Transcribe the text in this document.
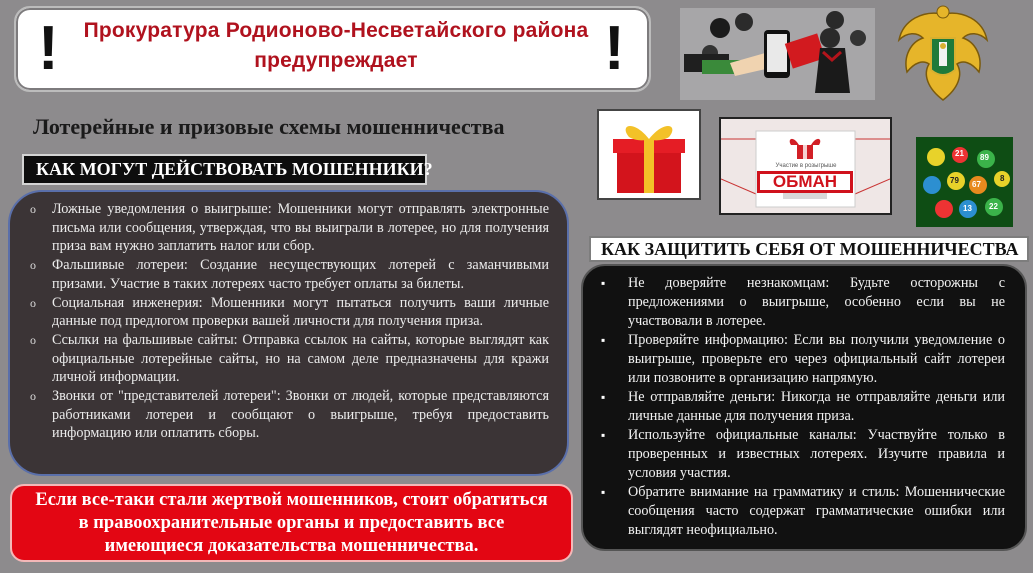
!	Прокуратура Родионово-Несветайского района
предупреждает	!
Лотерейные и призовые схемы мошенничества
Участие в розыгрыше
ОБМАН
21 89
79 67
13
8
22
КАК МОГУТ ДЕЙСТВОВАТЬ МОШЕННИКИ?
o Ложные уведомления о выигрыше: Мошенники могут отправлять электронные письма или сообщения, утверждая, что вы выиграли в лотерее, но для получения приза вам нужно заплатить налог или сбор.
o Фальшивые лотереи: Создание несуществующих лотерей с заманчивыми призами. Участие в таких лотереях часто требует оплаты за билеты.
o Социальная инженерия: Мошенники могут пытаться получить ваши личные данные под предлогом проверки вашей личности для получения приза.
o Ссылки на фальшивые сайты: Отправка ссылок на сайты, которые выглядят как официальные лотерейные сайты, но на самом деле предназначены для кражи личной информации.
o Звонки от "представителей лотереи": Звонки от людей, которые представляются работниками лотереи и сообщают о выигрыше, требуя предоставить информацию или оплатить сборы.
КАК ЗАЩИТИТЬ СЕБЯ ОТ МОШЕННИЧЕСТВА
▪ Не доверяйте незнакомцам: Будьте осторожны с предложениями о выигрыше, особенно если вы не участвовали в лотерее.
▪ Проверяйте информацию: Если вы получили уведомление о выигрыше, проверьте его через официальный сайт лотереи или позвоните в организацию напрямую.
▪ Не отправляйте деньги: Никогда не отправляйте деньги или личные данные для получения приза.
▪ Используйте официальные каналы: Участвуйте только в проверенных и известных лотереях. Изучите правила и условия участия.
▪ Обратите внимание на грамматику и стиль: Мошеннические сообщения часто содержат грамматические ошибки или выглядят неофициально.
Если все-таки стали жертвой мошенников, стоит обратиться
в правоохранительные органы и предоставить все
имеющиеся доказательства мошенничества.
